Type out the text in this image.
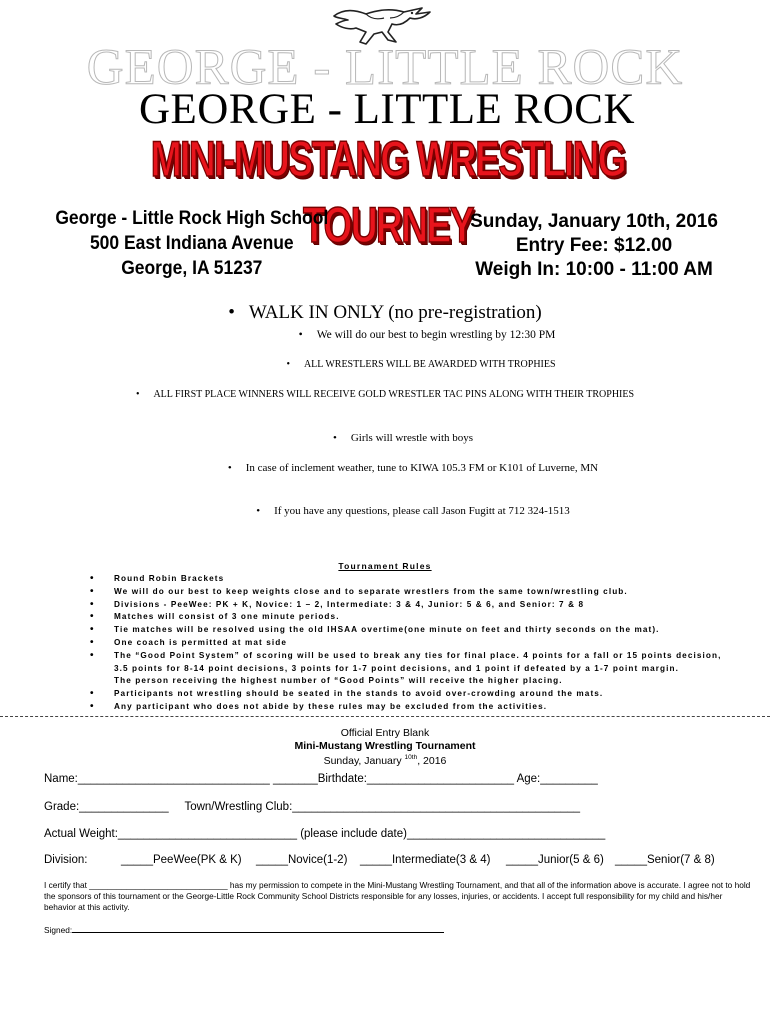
GEORGE - LITTLE ROCK
GEORGE - LITTLE ROCK
MINI-MUSTANG WRESTLING TOURNEY
George - Little Rock High School
500 East Indiana Avenue
George, IA 51237
Sunday, January 10th, 2016
Entry Fee: $12.00
Weigh In: 10:00 - 11:00 AM
• WALK IN ONLY (no pre-registration)
• We will do our best to begin wrestling by 12:30 PM
• ALL WRESTLERS WILL BE AWARDED WITH TROPHIES
• ALL FIRST PLACE WINNERS WILL RECEIVE GOLD WRESTLER TAC PINS ALONG WITH THEIR TROPHIES
• Girls will wrestle with boys
• In case of inclement weather, tune to KIWA 105.3 FM or K101 of Luverne, MN
• If you have any questions, please call Jason Fugitt at 712 324-1513
Tournament Rules
• Round Robin Brackets
• We will do our best to keep weights close and to separate wrestlers from the same town/wrestling club.
• Divisions - PeeWee: PK + K, Novice: 1 – 2, Intermediate: 3 & 4, Junior: 5 & 6, and Senior: 7 & 8
• Matches will consist of 3 one minute periods.
• Tie matches will be resolved using the old IHSAA overtime(one minute on feet and thirty seconds on the mat).
• One coach is permitted at mat side
• The “Good Point System” of scoring will be used to break any ties for final place. 4 points for a fall or 15 points decision,
3.5 points for 8-14 point decisions, 3 points for 1-7 point decisions, and 1 point if defeated by a 1-7 point margin.
The person receiving the highest number of “Good Points” will receive the higher placing.
• Participants not wrestling should be seated in the stands to avoid over-crowding around the mats.
• Any participant who does not abide by these rules may be excluded from the activities.
Official Entry Blank
Mini-Mustang Wrestling Tournament
Sunday, January $^{10th}$, 2016
Name:______________________________ _______Birthdate:_______________________ Age:_________
Grade:______________     Town/Wrestling Club:_____________________________________________
Actual Weight:____________________________ (please include date)_______________________________
Division:	_____PeeWee(PK & K) _____Novice(1-2) _____Intermediate(3 & 4) _____Junior(5 & 6) _____Senior(7 & 8)
I certify that ______________________________ has my permission to compete in the Mini-Mustang Wrestling Tournament, and that all of the information above is accurate. I agree not to hold the sponsors of this tournament or the George-Little Rock Community School Districts responsible for any losses, injuries, or accidents. I accept full responsibility for my child and his/her behavior at this activity.
Signed:
